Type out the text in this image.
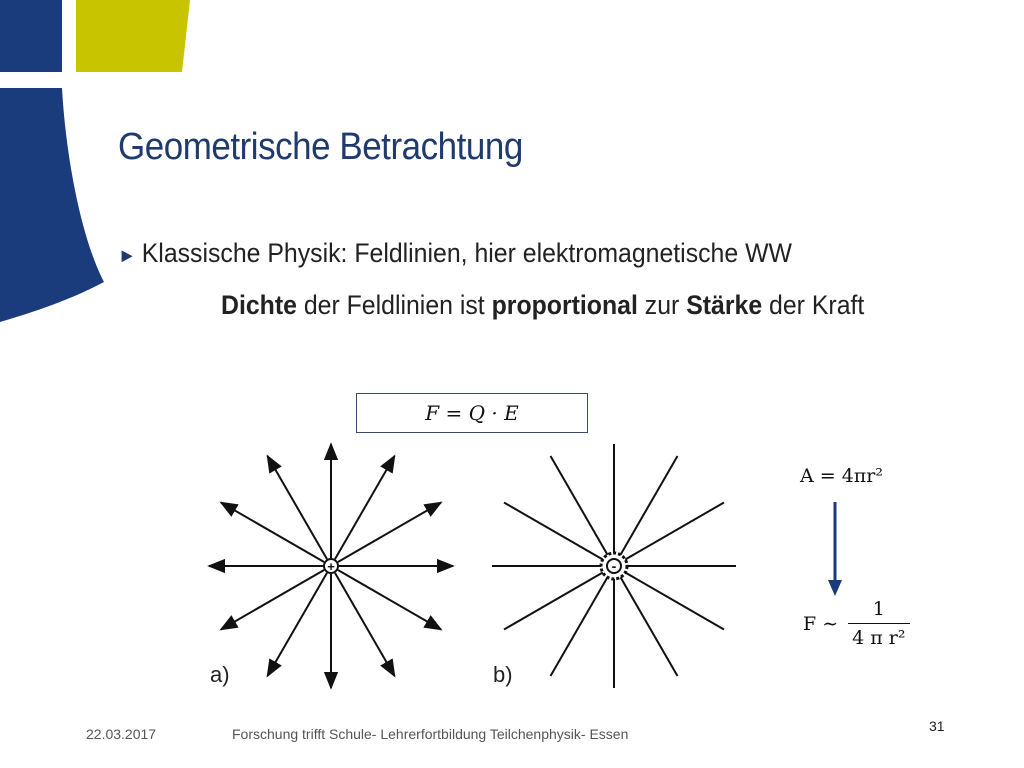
Geometrische Betrachtung
► Klassische Physik: Feldlinien, hier elektromagnetische WW
Dichte der Feldlinien ist proportional zur Stärke der Kraft
F = Q · E
+	-
a)	b)
A = 4πr²
F ∼ $\frac{1}{\text{4 π r²}}$
22.03.2017	Forschung trifft Schule- Lehrerfortbildung Teilchenphysik- Essen	31
